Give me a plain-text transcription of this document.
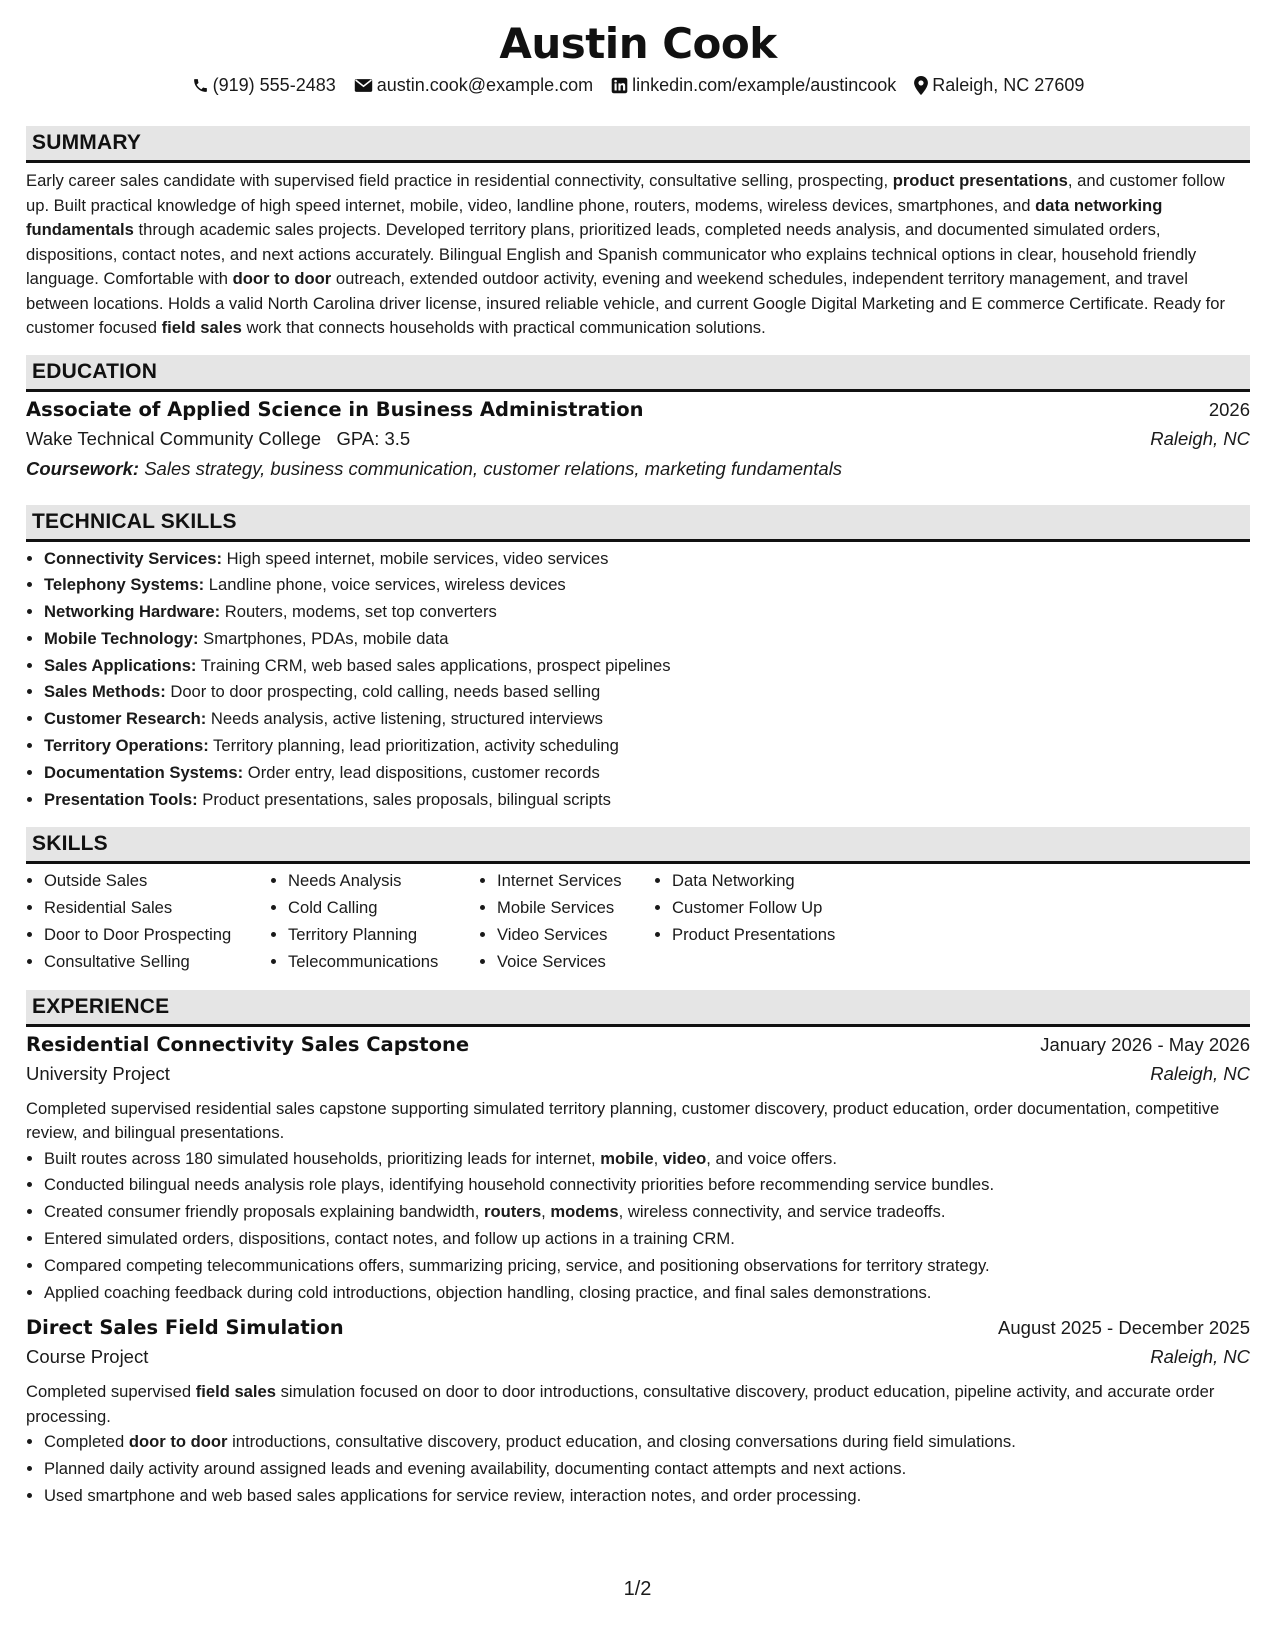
Austin Cook
(919) 555-2483 austin.cook@example.com linkedin.com/example/austincook Raleigh, NC 27609
SUMMARY

Early career sales candidate with supervised field practice in residential connectivity, consultative selling, prospecting, product presentations, and customer follow up. Built practical knowledge of high speed internet, mobile, video, landline phone, routers, modems, wireless devices, smartphones, and data networking fundamentals through academic sales projects. Developed territory plans, prioritized leads, completed needs analysis, and documented simulated orders, dispositions, contact notes, and next actions accurately. Bilingual English and Spanish communicator who explains technical options in clear, household friendly language. Comfortable with door to door outreach, extended outdoor activity, evening and weekend schedules, independent territory management, and travel between locations. Holds a valid North Carolina driver license, insured reliable vehicle, and current Google Digital Marketing and E commerce Certificate. Ready for customer focused field sales work that connects households with practical communication solutions.

EDUCATION
Associate of Applied Science in Business Administration	2026
Wake Technical Community College GPA: 3.5	Raleigh, NC
Coursework: Sales strategy, business communication, customer relations, marketing fundamentals
TECHNICAL SKILLS
• Connectivity Services: High speed internet, mobile services, video services
• Telephony Systems: Landline phone, voice services, wireless devices
• Networking Hardware: Routers, modems, set top converters
• Mobile Technology: Smartphones, PDAs, mobile data
• Sales Applications: Training CRM, web based sales applications, prospect pipelines
• Sales Methods: Door to door prospecting, cold calling, needs based selling
• Customer Research: Needs analysis, active listening, structured interviews
• Territory Operations: Territory planning, lead prioritization, activity scheduling
• Documentation Systems: Order entry, lead dispositions, customer records
• Presentation Tools: Product presentations, sales proposals, bilingual scripts
SKILLS
• Outside Sales
• Residential Sales
• Door to Door Prospecting
• Consultative Selling
• Needs Analysis
• Cold Calling
• Territory Planning
• Telecommunications
• Internet Services
• Mobile Services
• Video Services
• Voice Services
• Data Networking
• Customer Follow Up
• Product Presentations
EXPERIENCE
Residential Connectivity Sales Capstone	January 2026 - May 2026
University Project	Raleigh, NC

Completed supervised residential sales capstone supporting simulated territory planning, customer discovery, product education, order documentation, competitive review, and bilingual presentations.

• Built routes across 180 simulated households, prioritizing leads for internet, mobile, video, and voice offers.
• Conducted bilingual needs analysis role plays, identifying household connectivity priorities before recommending service bundles.
• Created consumer friendly proposals explaining bandwidth, routers, modems, wireless connectivity, and service tradeoffs.
• Entered simulated orders, dispositions, contact notes, and follow up actions in a training CRM.
• Compared competing telecommunications offers, summarizing pricing, service, and positioning observations for territory strategy.
• Applied coaching feedback during cold introductions, objection handling, closing practice, and final sales demonstrations.
Direct Sales Field Simulation	August 2025 - December 2025
Course Project	Raleigh, NC

Completed supervised field sales simulation focused on door to door introductions, consultative discovery, product education, pipeline activity, and accurate order processing.

• Completed door to door introductions, consultative discovery, product education, and closing conversations during field simulations.
• Planned daily activity around assigned leads and evening availability, documenting contact attempts and next actions.
• Used smartphone and web based sales applications for service review, interaction notes, and order processing.
1/2
